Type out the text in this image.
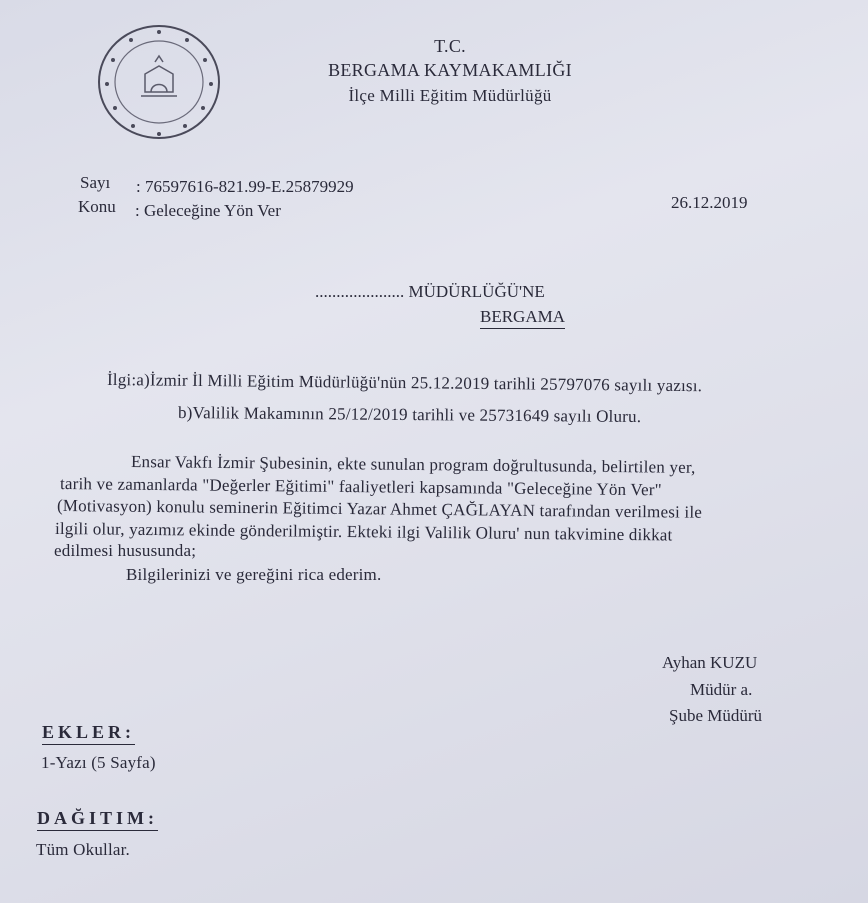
T.C.
BERGAMA KAYMAKAMLIĞI
İlçe Milli Eğitim Müdürlüğü
Sayı : 76597616-821.99-E.25879929
Konu : Geleceğine Yön Ver	26.12.2019
..................... MÜDÜRLÜĞÜ'NE
BERGAMA
İlgi:a)İzmir İl Milli Eğitim Müdürlüğü'nün 25.12.2019 tarihli 25797076 sayılı yazısı.
b)Valilik Makamının 25/12/2019 tarihli ve 25731649 sayılı Oluru.
Ensar Vakfı İzmir Şubesinin, ekte sunulan program doğrultusunda, belirtilen yer,
tarih ve zamanlarda "Değerler Eğitimi" faaliyetleri kapsamında "Geleceğine Yön Ver"
(Motivasyon) konulu seminerin Eğitimci Yazar Ahmet ÇAĞLAYAN tarafından verilmesi ile
ilgili olur, yazımız ekinde gönderilmiştir. Ekteki ilgi Valilik Oluru' nun takvimine dikkat
edilmesi hususunda;
Bilgilerinizi ve gereğini rica ederim.
Ayhan KUZU
Müdür a.
Şube Müdürü
EKLER:
1-Yazı (5 Sayfa)
DAĞITIM:
Tüm Okullar.
